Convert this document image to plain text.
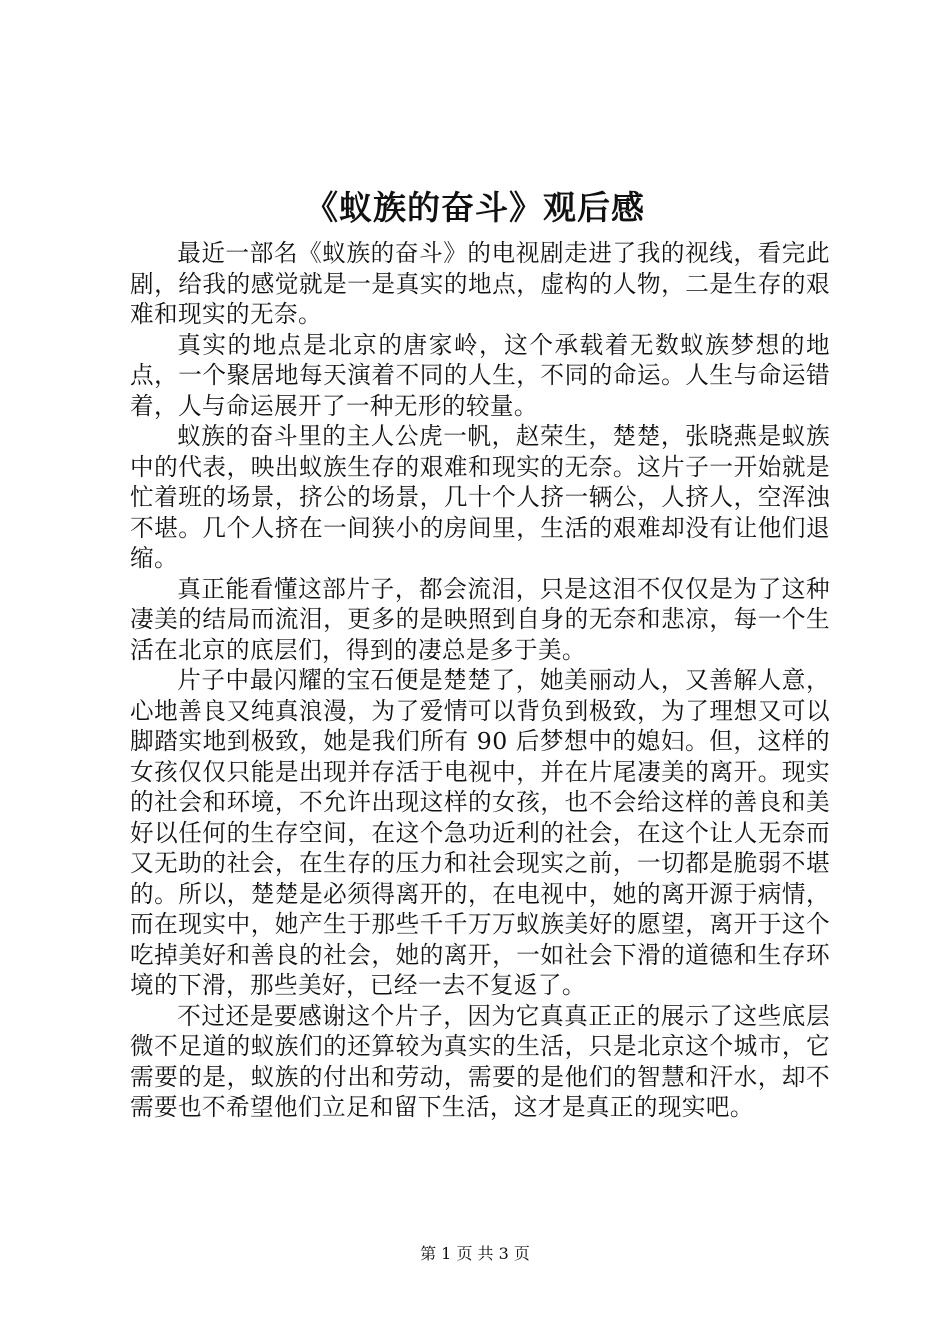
《蚁族的奋斗》观后感

最近一部名《蚁族的奋斗》的电视剧走进了我的视线，看完此剧，给我的感觉就是一是真实的地点，虚构的人物，二是生存的艰难和现实的无奈。

真实的地点是北京的唐家岭，这个承载着无数蚁族梦想的地点，一个聚居地每天演着不同的人生，不同的命运。人生与命运错着，人与命运展开了一种无形的较量。

蚁族的奋斗里的主人公虎一帆，赵荣生，楚楚，张晓燕是蚁族中的代表，映出蚁族生存的艰难和现实的无奈。这片子一开始就是忙着班的场景，挤公的场景，几十个人挤一辆公，人挤人，空浑浊不堪。几个人挤在一间狭小的房间里，生活的艰难却没有让他们退缩。

真正能看懂这部片子，都会流泪，只是这泪不仅仅是为了这种凄美的结局而流泪，更多的是映照到自身的无奈和悲凉，每一个生活在北京的底层们，得到的凄总是多于美。

片子中最闪耀的宝石便是楚楚了，她美丽动人，又善解人意，心地善良又纯真浪漫，为了爱情可以背负到极致，为了理想又可以脚踏实地到极致，她是我们所有 90 后梦想中的媳妇。但，这样的女孩仅仅只能是出现并存活于电视中，并在片尾凄美的离开。现实的社会和环境，不允许出现这样的女孩，也不会给这样的善良和美好以任何的生存空间，在这个急功近利的社会，在这个让人无奈而又无助的社会，在生存的压力和社会现实之前，一切都是脆弱不堪的。所以，楚楚是必须得离开的，在电视中，她的离开源于病情，而在现实中，她产生于那些千千万万蚁族美好的愿望，离开于这个吃掉美好和善良的社会，她的离开，一如社会下滑的道德和生存环境的下滑，那些美好，已经一去不复返了。

不过还是要感谢这个片子，因为它真真正正的展示了这些底层微不足道的蚁族们的还算较为真实的生活，只是北京这个城市，它需要的是，蚁族的付出和劳动，需要的是他们的智慧和汗水，却不需要也不希望他们立足和留下生活，这才是真正的现实吧。

第 1 页 共 3 页
